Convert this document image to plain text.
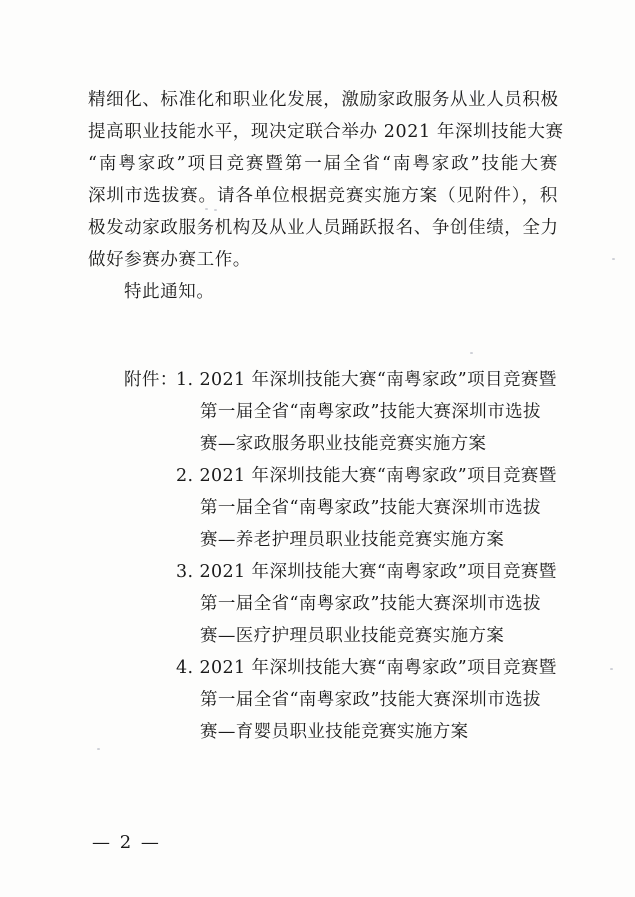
精细化、标准化和职业化发展，激励家政服务从业人员积极
提高职业技能水平，现决定联合举办 2021 年深圳技能大赛
“南粤家政”项目竞赛暨第一届全省“南粤家政”技能大赛
深圳市选拔赛。请各单位根据竞赛实施方案（见附件），积
极发动家政服务机构及从业人员踊跃报名、争创佳绩，全力
做好参赛办赛工作。
特此通知。
附件：1. 2021 年深圳技能大赛“南粤家政”项目竞赛暨
第一届全省“南粤家政”技能大赛深圳市选拔
赛—家政服务职业技能竞赛实施方案
2. 2021 年深圳技能大赛“南粤家政”项目竞赛暨
第一届全省“南粤家政”技能大赛深圳市选拔
赛—养老护理员职业技能竞赛实施方案
3. 2021 年深圳技能大赛“南粤家政”项目竞赛暨
第一届全省“南粤家政”技能大赛深圳市选拔
赛—医疗护理员职业技能竞赛实施方案
4. 2021 年深圳技能大赛“南粤家政”项目竞赛暨
第一届全省“南粤家政”技能大赛深圳市选拔
赛—育婴员职业技能竞赛实施方案
— 2 —
